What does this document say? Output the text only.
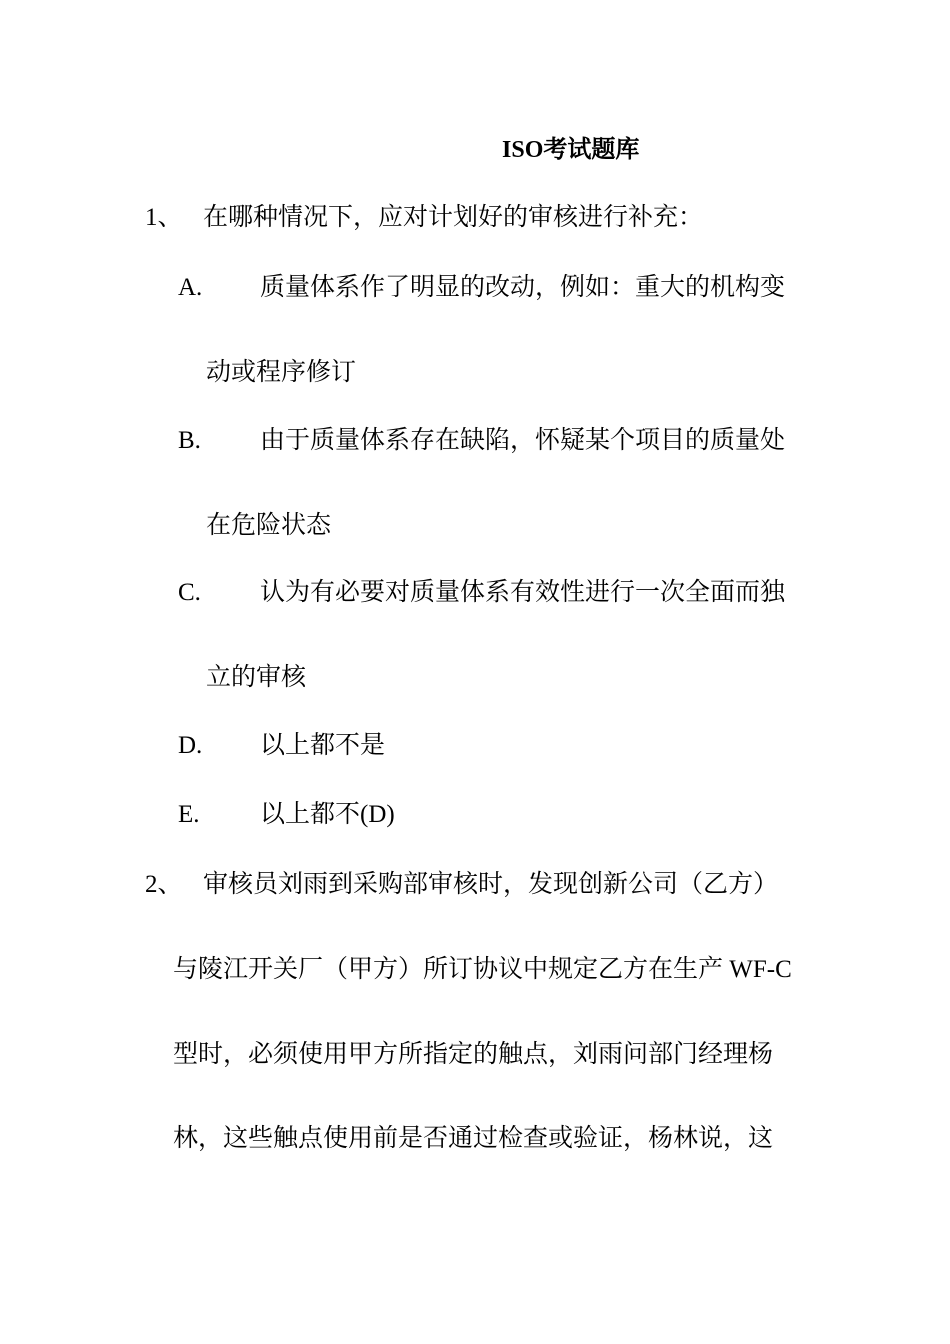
ISO考试题库
1、 在哪种情况下，应对计划好的审核进行补充：
A. 质量体系作了明显的改动，例如：重大的机构变
动或程序修订
B. 由于质量体系存在缺陷，怀疑某个项目的质量处
在危险状态
C. 认为有必要对质量体系有效性进行一次全面而独
立的审核
D. 以上都不是
E. 以上都不(D)
2、 审核员刘雨到采购部审核时，发现创新公司（乙方）
与陵江开关厂（甲方）所订协议中规定乙方在生产 WF-C
型时，必须使用甲方所指定的触点，刘雨问部门经理杨
林，这些触点使用前是否通过检查或验证，杨林说，这
